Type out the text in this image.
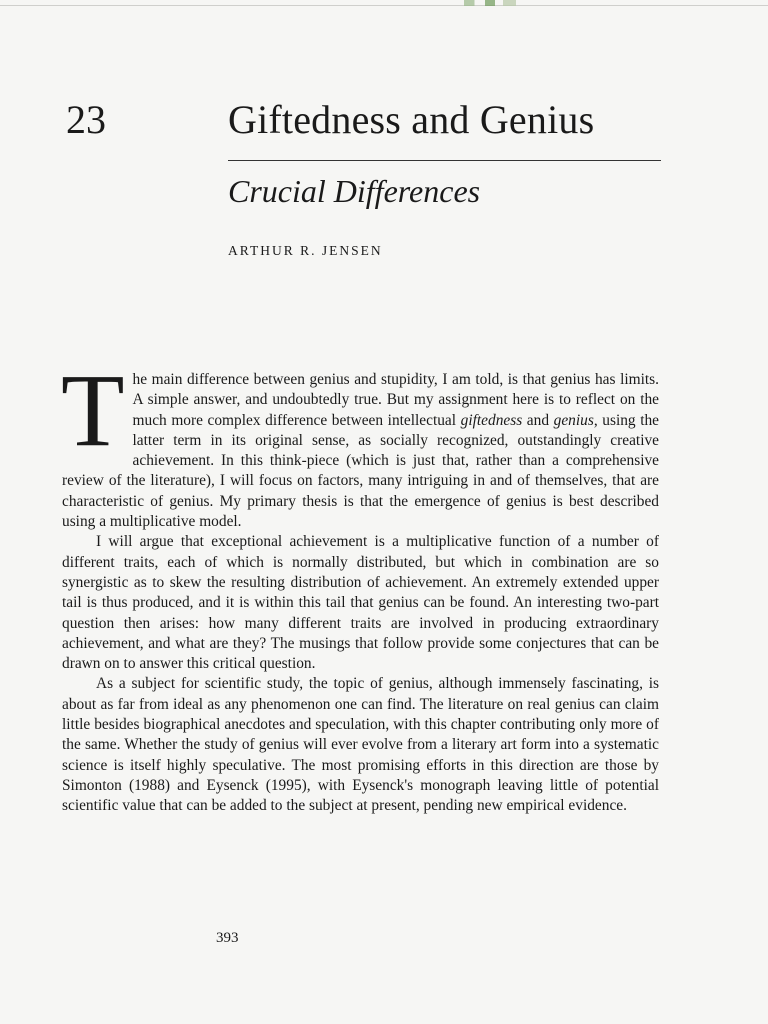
23	Giftedness and Genius
Crucial Differences
ARTHUR R. JENSEN

The main difference between genius and stupidity, I am told, is that genius has limits. A simple answer, and undoubtedly true. But my assignment here is to reflect on the much more complex difference between intellectual giftedness and genius, using the latter term in its original sense, as socially recognized, outstandingly creative achievement. In this think-piece (which is just that, rather than a comprehensive review of the literature), I will focus on factors, many intriguing in and of themselves, that are characteristic of genius. My primary thesis is that the emergence of genius is best described using a multiplicative model.

I will argue that exceptional achievement is a multiplicative function of a number of different traits, each of which is normally distributed, but which in combination are so synergistic as to skew the resulting distribution of achievement. An extremely extended upper tail is thus produced, and it is within this tail that genius can be found. An interesting two-part question then arises: how many different traits are involved in producing extraordinary achievement, and what are they? The musings that follow provide some conjectures that can be drawn on to answer this critical question.

As a subject for scientific study, the topic of genius, although immensely fascinating, is about as far from ideal as any phenomenon one can find. The literature on real genius can claim little besides biographical anecdotes and speculation, with this chapter contributing only more of the same. Whether the study of genius will ever evolve from a literary art form into a systematic science is itself highly speculative. The most promising efforts in this direction are those by Simonton (1988) and Eysenck (1995), with Eysenck's monograph leaving little of potential scientific value that can be added to the subject at present, pending new empirical evidence.

393
